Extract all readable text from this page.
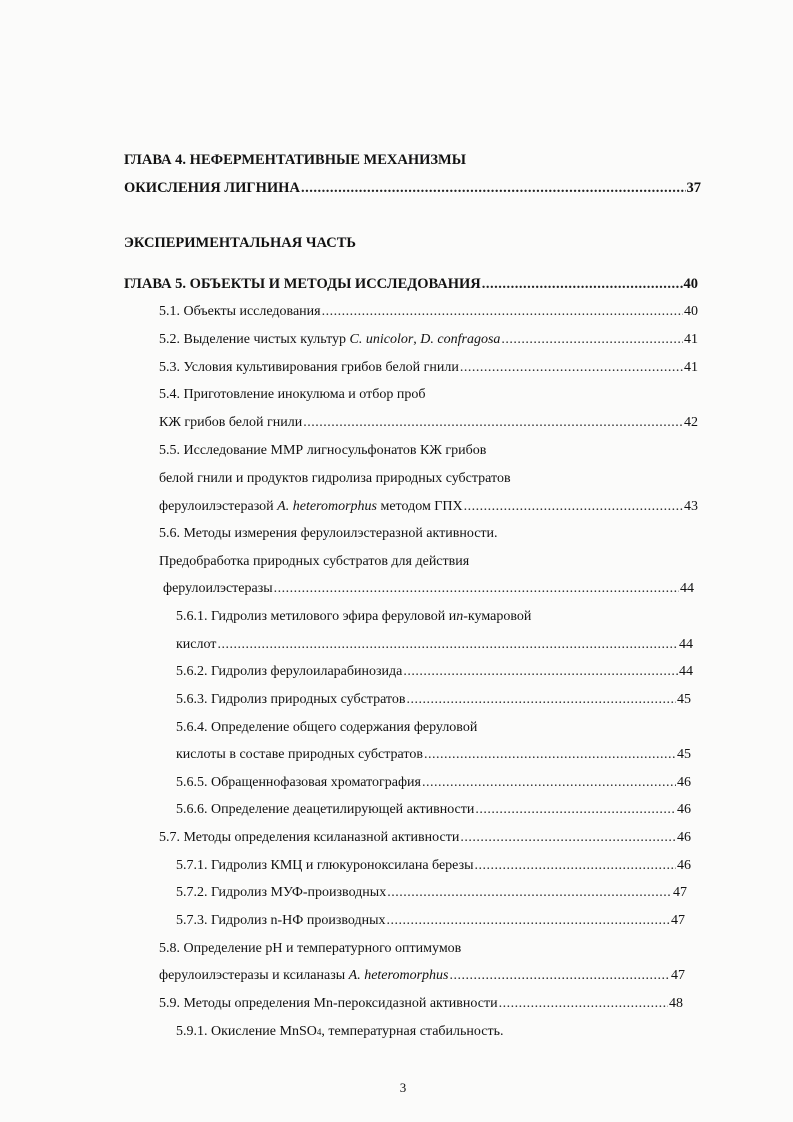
ГЛАВА 4. НЕФЕРМЕНТАТИВНЫЕ МЕХАНИЗМЫ
ОКИСЛЕНИЯ ЛИГНИНА .....	37
ЭКСПЕРИМЕНТАЛЬНАЯ ЧАСТЬ
ГЛАВА 5. ОБЪЕКТЫ И МЕТОДЫ ИССЛЕДОВАНИЯ .....	40
5.1. Объекты исследования .....	40
5.2. Выделение чистых культур C. unicolor, D. confragosa .....	41
5.3. Условия культивирования грибов белой гнили .....	41
5.4. Приготовление инокулюма и отбор проб
КЖ грибов белой гнили .....	42
5.5. Исследование ММР лигносульфонатов КЖ грибов
белой гнили и продуктов гидролиза природных субстратов
ферулоилэстеразой A. heteromorphus методом ГПХ .....	43
5.6. Методы измерения ферулоилэстеразной активности.
Предобработка природных субстратов для действия
ферулоилэстеразы .....	44
5.6.1. Гидролиз метилового эфира феруловой и п -кумаровой
кислот .....	44
5.6.2. Гидролиз ферулоиларабинозида .....	44
5.6.3. Гидролиз природных субстратов .....	45
5.6.4. Определение общего содержания феруловой
кислоты в составе природных субстратов .....	45
5.6.5. Обращеннофазовая хроматография .....	46
5.6.6. Определение деацетилирующей активности .....	46
5.7. Методы определения ксиланазной активности .....	46
5.7.1. Гидролиз КМЦ и глюкуроноксилана березы .....	46
5.7.2. Гидролиз МУФ-производных .....	47
5.7.3. Гидролиз n-НФ производных .....	47
5.8. Определение pH и температурного оптимумов
ферулоилэстеразы и ксиланазы A. heteromorphus .....	47
5.9. Методы определения Mn-пероксидазной активности .....	48
5.9.1. Окисление MnSO 4 , температурная стабильность.
3
